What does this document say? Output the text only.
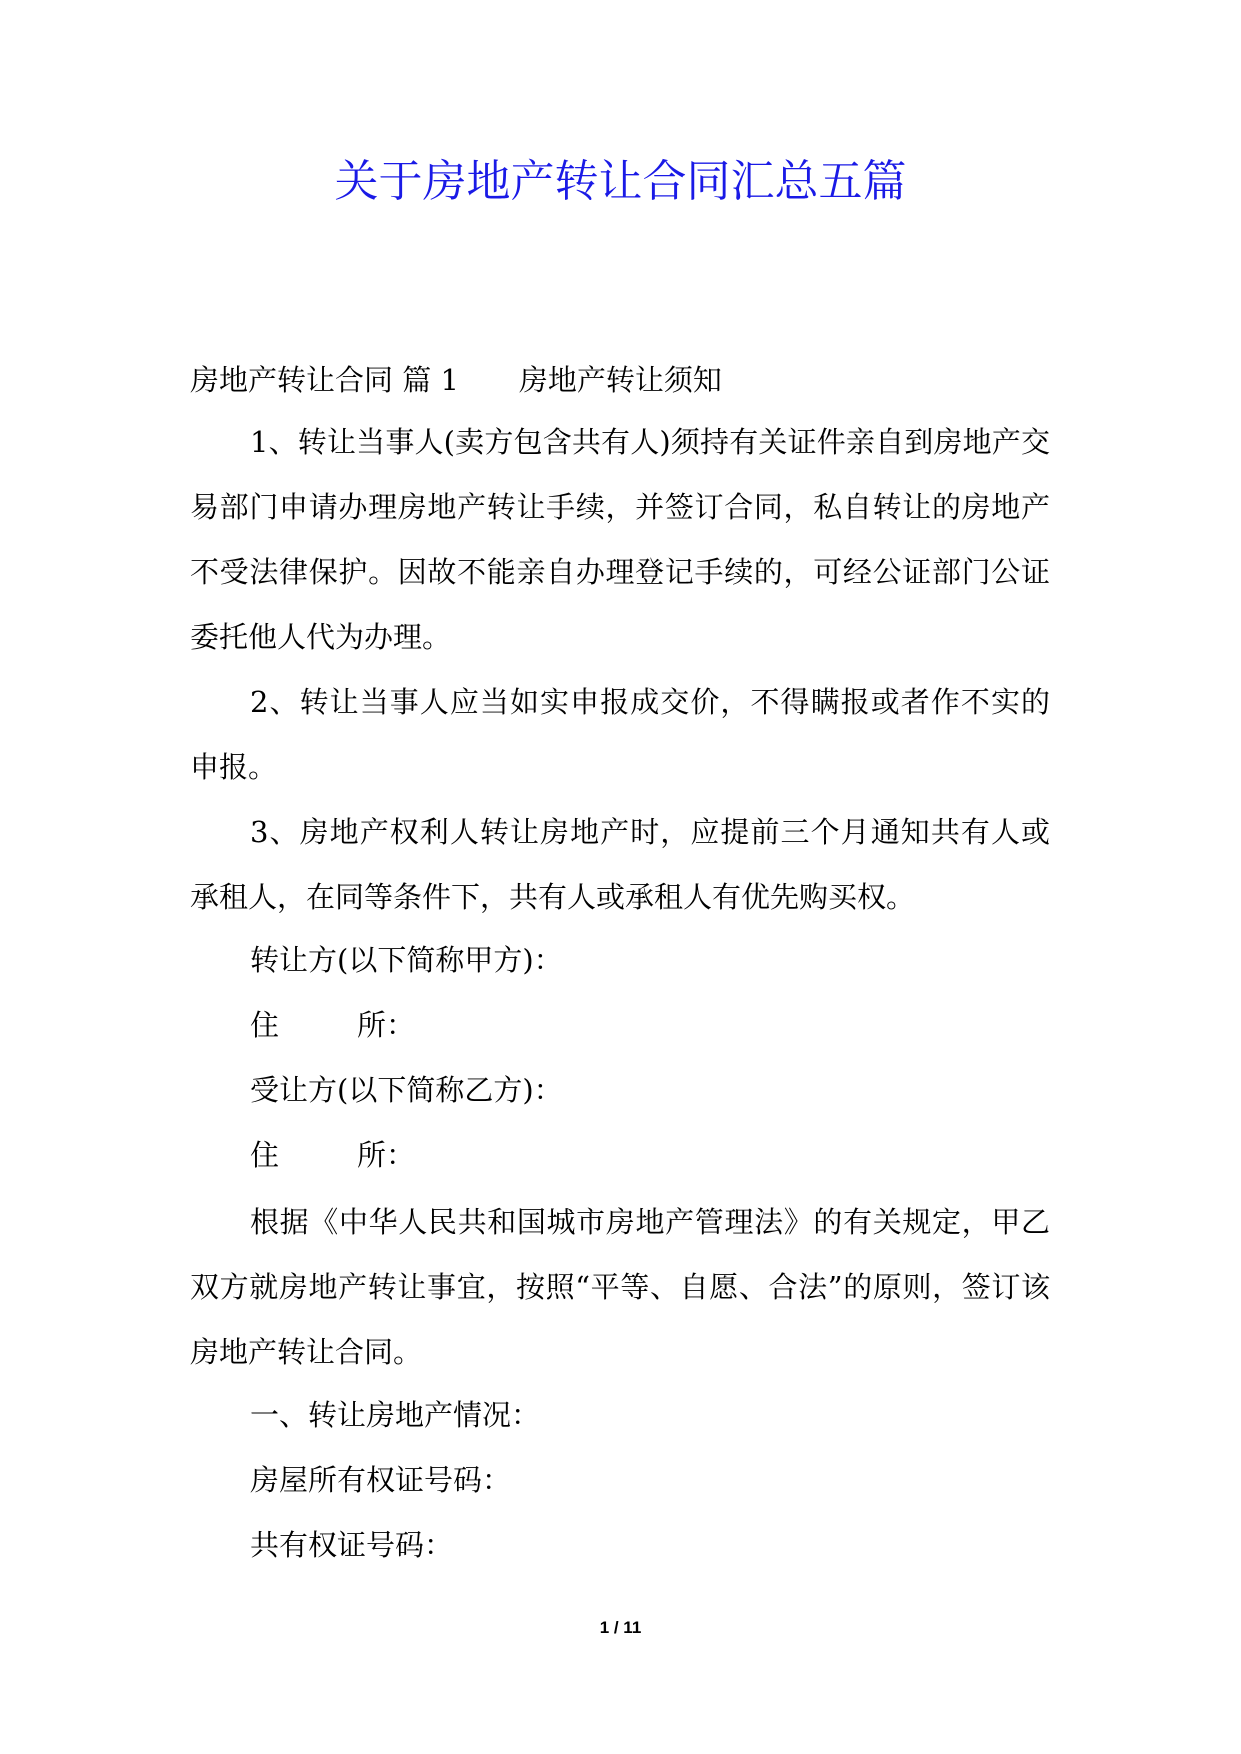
关于房地产转让合同汇总五篇

房地产转让合同 篇 1 房地产转让须知

1、转让当事人(卖方包含共有人)须持有关证件亲自到房地产交易部门申请办理房地产转让手续，并签订合同，私自转让的房地产不受法律保护。因故不能亲自办理登记手续的，可经公证部门公证委托他人代为办理。

2、转让当事人应当如实申报成交价，不得瞒报或者作不实的申报。

3、房地产权利人转让房地产时，应提前三个月通知共有人或承租人，在同等条件下，共有人或承租人有优先购买权。

转让方(以下简称甲方)：

住	所：

受让方(以下简称乙方)：

住	所：

根据《中华人民共和国城市房地产管理法》的有关规定，甲乙双方就房地产转让事宜，按照“平等、自愿、合法”的原则，签订该房地产转让合同。

一、转让房地产情况：

房屋所有权证号码：

共有权证号码：

1 / 11
